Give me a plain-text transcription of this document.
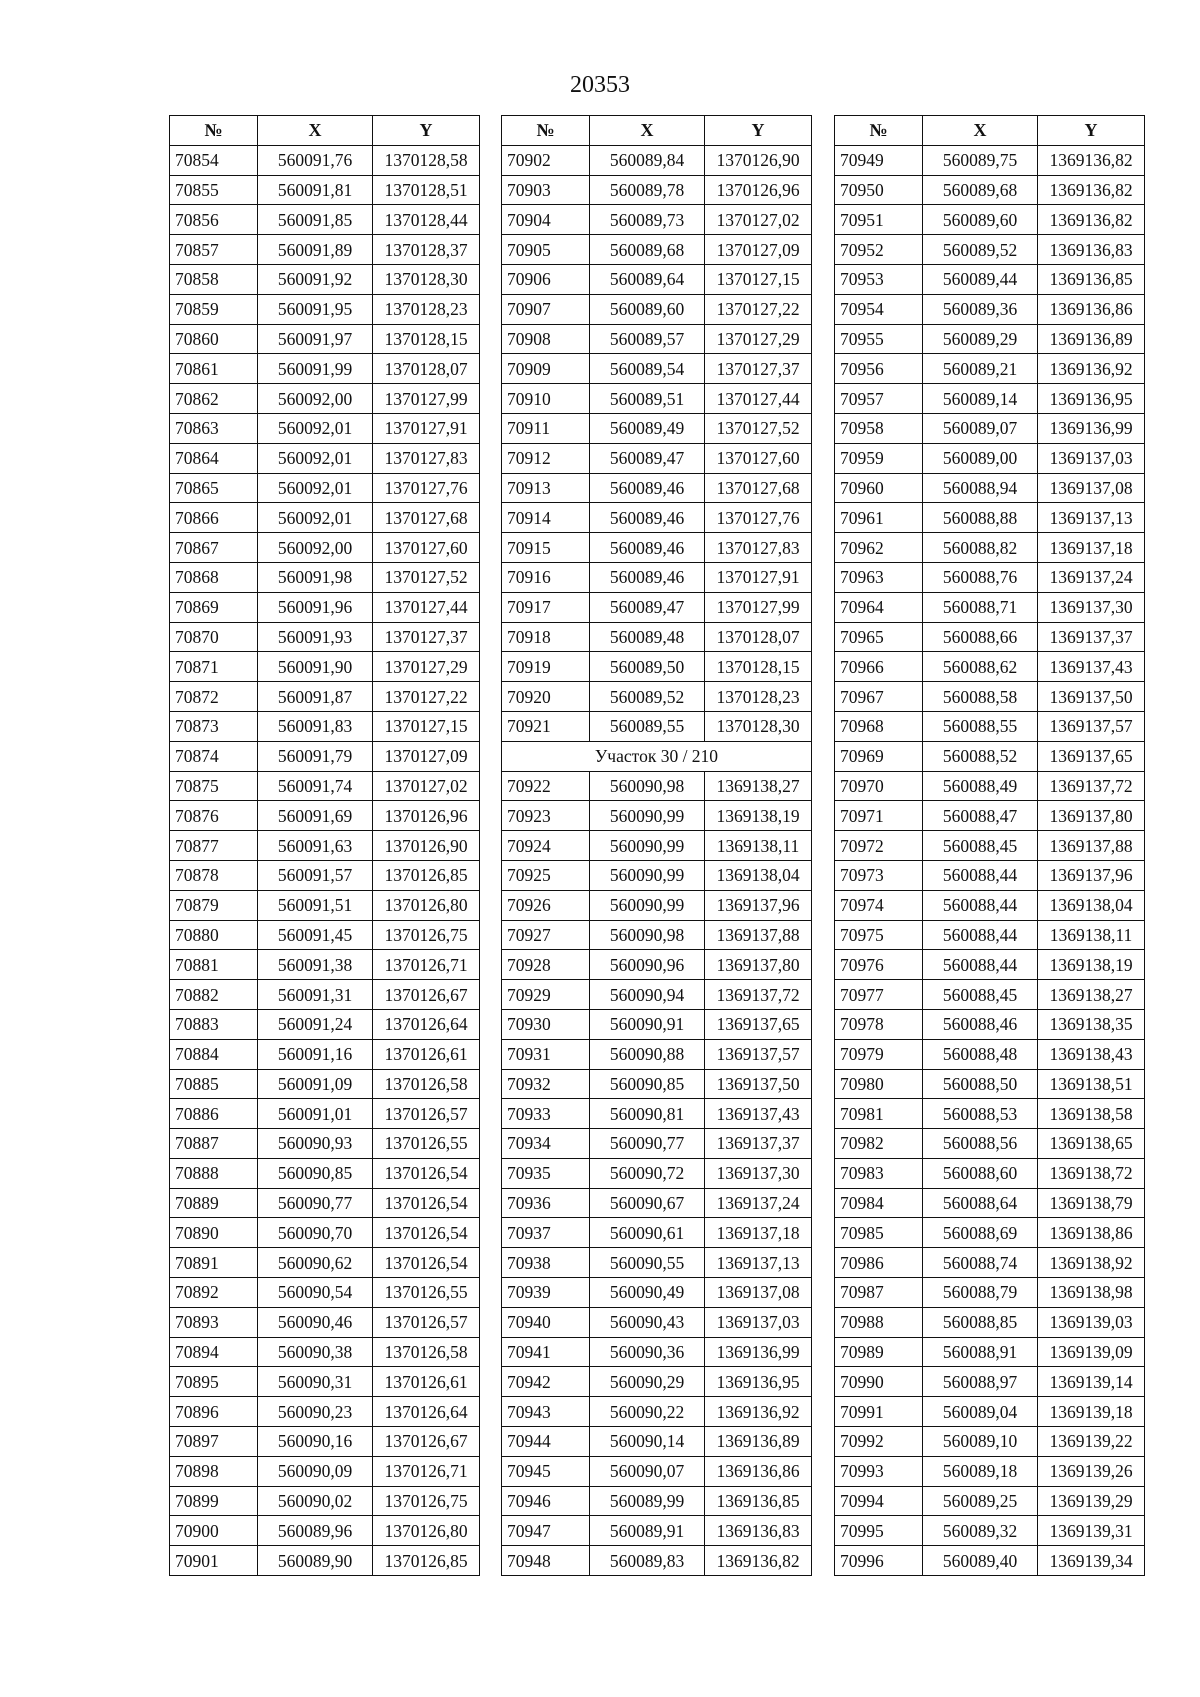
20353
№	X	Y
70854	560091,76	1370128,58
70855	560091,81	1370128,51
70856	560091,85	1370128,44
70857	560091,89	1370128,37
70858	560091,92	1370128,30
70859	560091,95	1370128,23
70860	560091,97	1370128,15
70861	560091,99	1370128,07
70862	560092,00	1370127,99
70863	560092,01	1370127,91
70864	560092,01	1370127,83
70865	560092,01	1370127,76
70866	560092,01	1370127,68
70867	560092,00	1370127,60
70868	560091,98	1370127,52
70869	560091,96	1370127,44
70870	560091,93	1370127,37
70871	560091,90	1370127,29
70872	560091,87	1370127,22
70873	560091,83	1370127,15
70874	560091,79	1370127,09
70875	560091,74	1370127,02
70876	560091,69	1370126,96
70877	560091,63	1370126,90
70878	560091,57	1370126,85
70879	560091,51	1370126,80
70880	560091,45	1370126,75
70881	560091,38	1370126,71
70882	560091,31	1370126,67
70883	560091,24	1370126,64
70884	560091,16	1370126,61
70885	560091,09	1370126,58
70886	560091,01	1370126,57
70887	560090,93	1370126,55
70888	560090,85	1370126,54
70889	560090,77	1370126,54
70890	560090,70	1370126,54
70891	560090,62	1370126,54
70892	560090,54	1370126,55
70893	560090,46	1370126,57
70894	560090,38	1370126,58
70895	560090,31	1370126,61
70896	560090,23	1370126,64
70897	560090,16	1370126,67
70898	560090,09	1370126,71
70899	560090,02	1370126,75
70900	560089,96	1370126,80
70901	560089,90	1370126,85
№	X	Y
70902	560089,84	1370126,90
70903	560089,78	1370126,96
70904	560089,73	1370127,02
70905	560089,68	1370127,09
70906	560089,64	1370127,15
70907	560089,60	1370127,22
70908	560089,57	1370127,29
70909	560089,54	1370127,37
70910	560089,51	1370127,44
70911	560089,49	1370127,52
70912	560089,47	1370127,60
70913	560089,46	1370127,68
70914	560089,46	1370127,76
70915	560089,46	1370127,83
70916	560089,46	1370127,91
70917	560089,47	1370127,99
70918	560089,48	1370128,07
70919	560089,50	1370128,15
70920	560089,52	1370128,23
70921	560089,55	1370128,30
Участок 30 / 210		
70922	560090,98	1369138,27
70923	560090,99	1369138,19
70924	560090,99	1369138,11
70925	560090,99	1369138,04
70926	560090,99	1369137,96
70927	560090,98	1369137,88
70928	560090,96	1369137,80
70929	560090,94	1369137,72
70930	560090,91	1369137,65
70931	560090,88	1369137,57
70932	560090,85	1369137,50
70933	560090,81	1369137,43
70934	560090,77	1369137,37
70935	560090,72	1369137,30
70936	560090,67	1369137,24
70937	560090,61	1369137,18
70938	560090,55	1369137,13
70939	560090,49	1369137,08
70940	560090,43	1369137,03
70941	560090,36	1369136,99
70942	560090,29	1369136,95
70943	560090,22	1369136,92
70944	560090,14	1369136,89
70945	560090,07	1369136,86
70946	560089,99	1369136,85
70947	560089,91	1369136,83
70948	560089,83	1369136,82
№	X	Y
70949	560089,75	1369136,82
70950	560089,68	1369136,82
70951	560089,60	1369136,82
70952	560089,52	1369136,83
70953	560089,44	1369136,85
70954	560089,36	1369136,86
70955	560089,29	1369136,89
70956	560089,21	1369136,92
70957	560089,14	1369136,95
70958	560089,07	1369136,99
70959	560089,00	1369137,03
70960	560088,94	1369137,08
70961	560088,88	1369137,13
70962	560088,82	1369137,18
70963	560088,76	1369137,24
70964	560088,71	1369137,30
70965	560088,66	1369137,37
70966	560088,62	1369137,43
70967	560088,58	1369137,50
70968	560088,55	1369137,57
70969	560088,52	1369137,65
70970	560088,49	1369137,72
70971	560088,47	1369137,80
70972	560088,45	1369137,88
70973	560088,44	1369137,96
70974	560088,44	1369138,04
70975	560088,44	1369138,11
70976	560088,44	1369138,19
70977	560088,45	1369138,27
70978	560088,46	1369138,35
70979	560088,48	1369138,43
70980	560088,50	1369138,51
70981	560088,53	1369138,58
70982	560088,56	1369138,65
70983	560088,60	1369138,72
70984	560088,64	1369138,79
70985	560088,69	1369138,86
70986	560088,74	1369138,92
70987	560088,79	1369138,98
70988	560088,85	1369139,03
70989	560088,91	1369139,09
70990	560088,97	1369139,14
70991	560089,04	1369139,18
70992	560089,10	1369139,22
70993	560089,18	1369139,26
70994	560089,25	1369139,29
70995	560089,32	1369139,31
70996	560089,40	1369139,34
